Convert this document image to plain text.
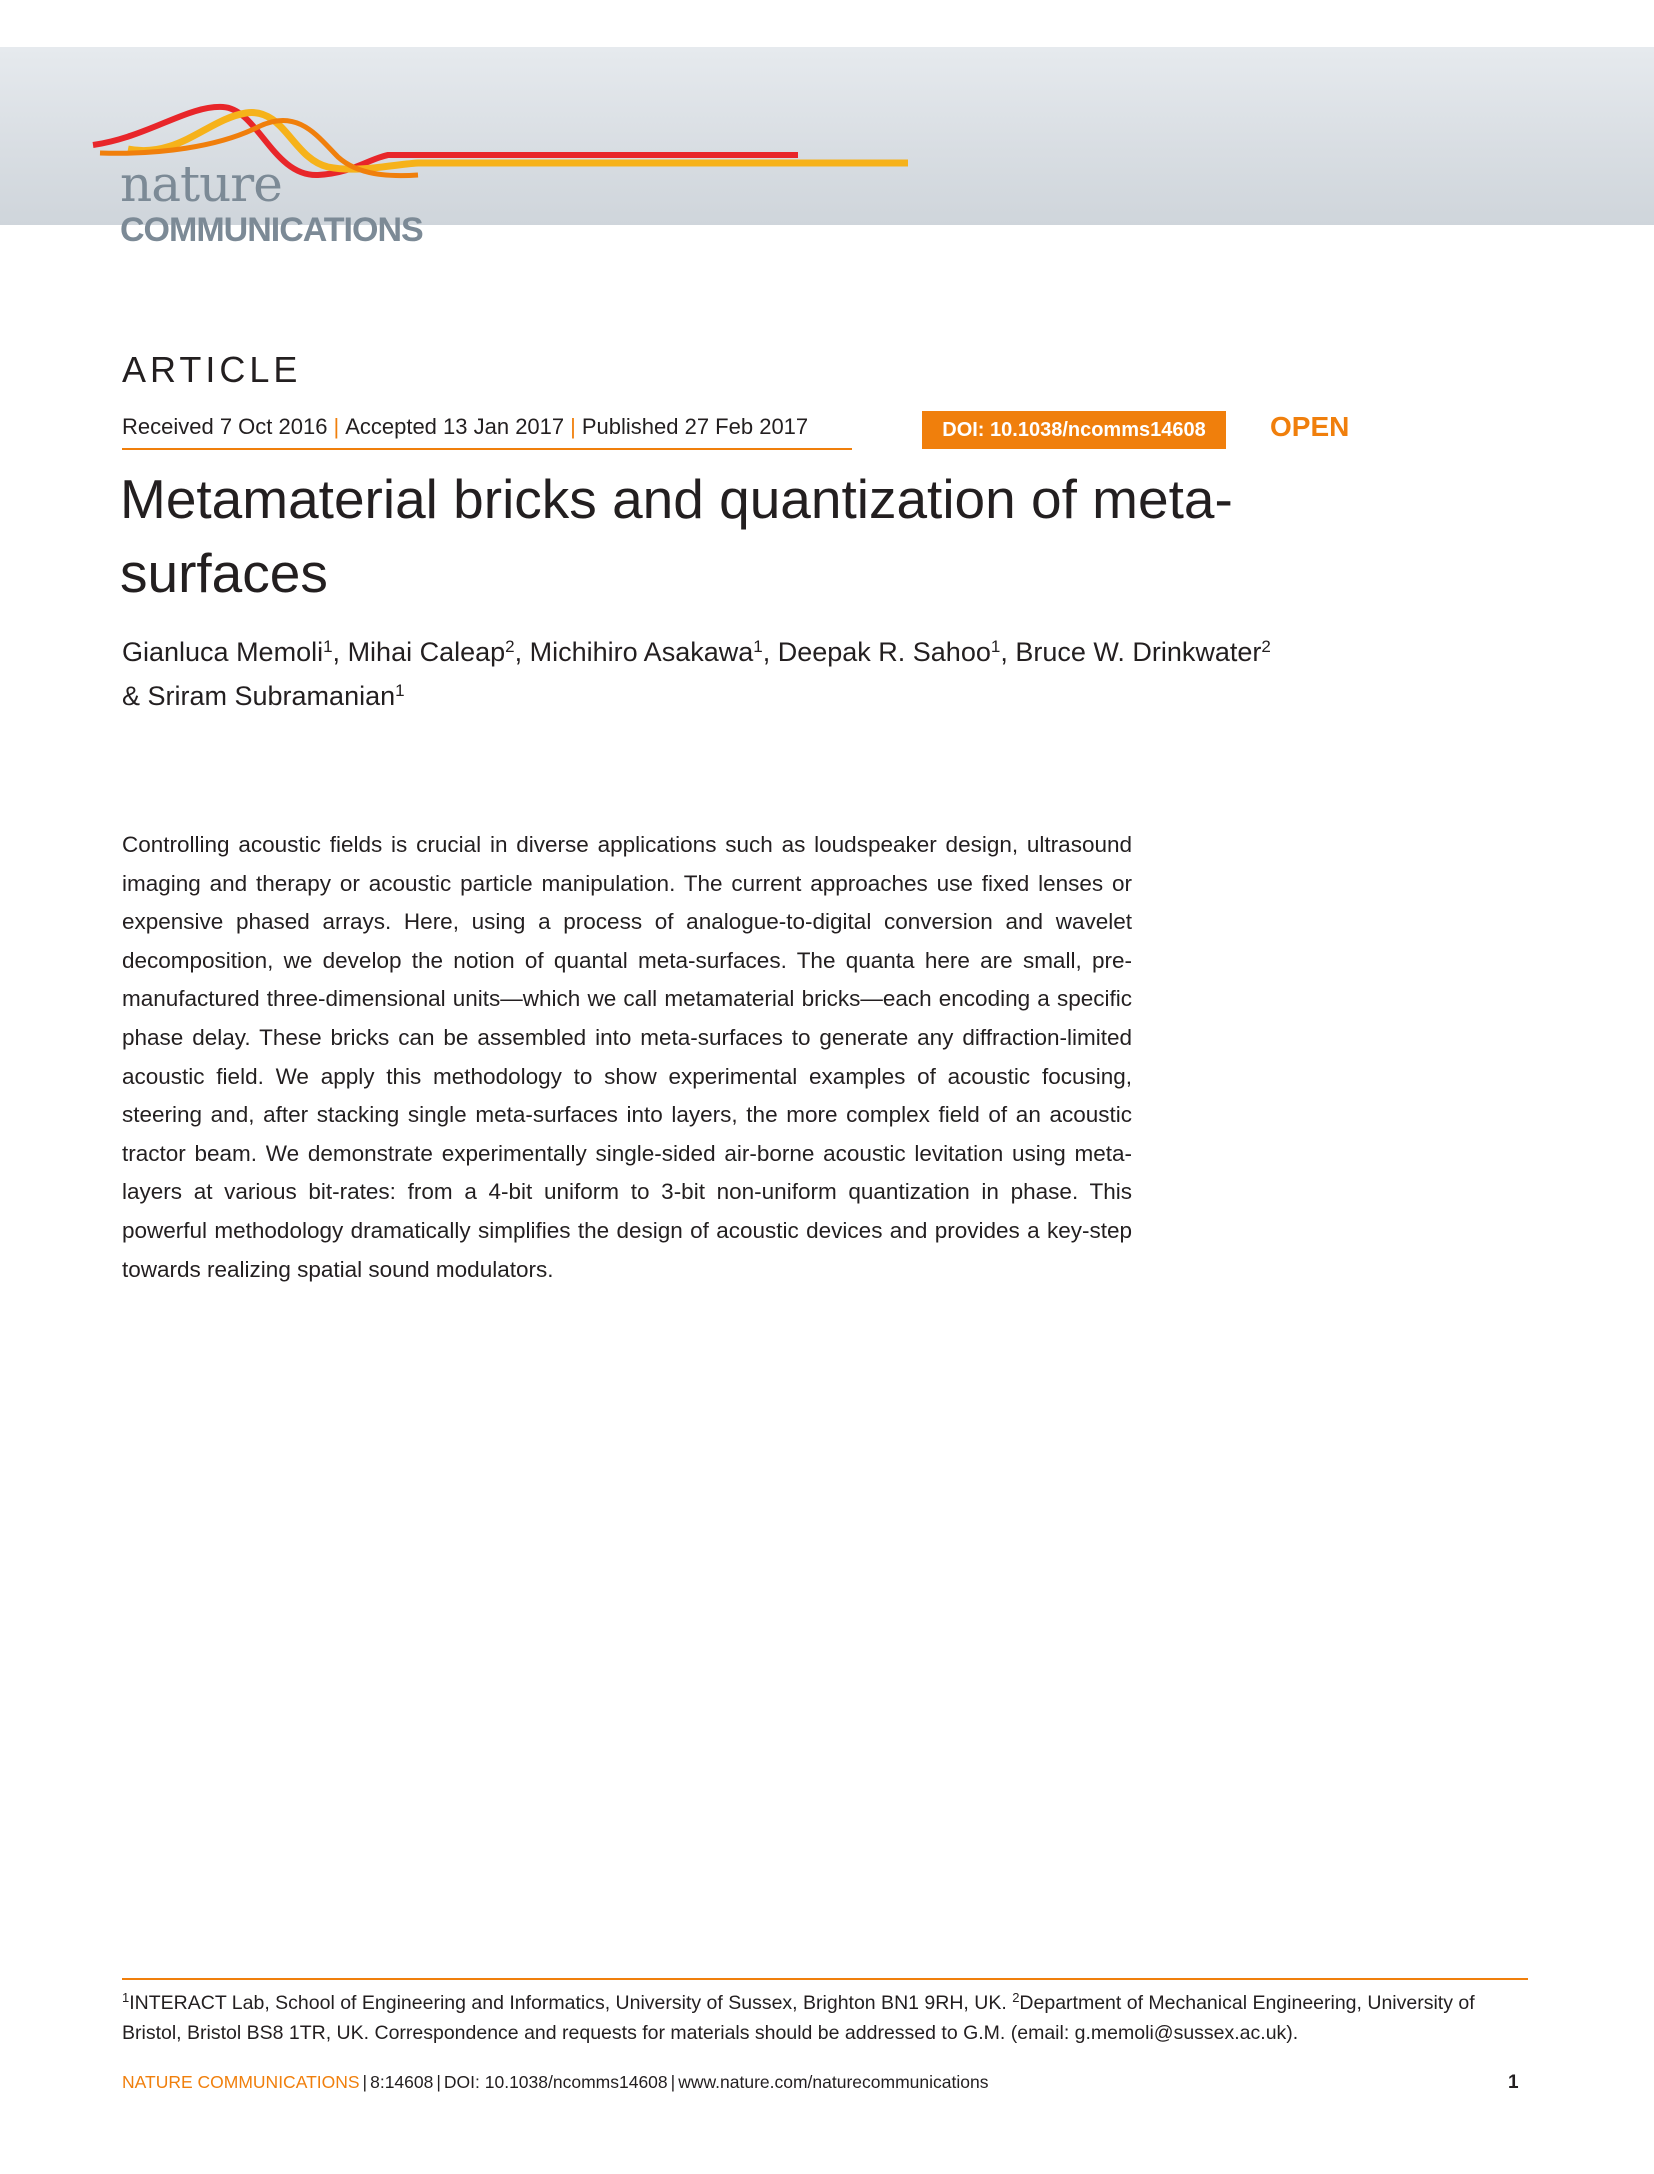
nature
COMMUNICATIONS
ARTICLE
Received 7 Oct 2016 | Accepted 13 Jan 2017 | Published 27 Feb 2017	DOI: 10.1038/ncomms14608	OPEN
Metamaterial bricks and quantization of meta-surfaces
Gianluca Memoli$^1$, Mihai Caleap$^2$, Michihiro Asakawa$^1$, Deepak R. Sahoo$^1$, Bruce W. Drinkwater$^2$
& Sriram Subramanian$^1$

Controlling acoustic fields is crucial in diverse applications such as loudspeaker design, ultrasound imaging and therapy or acoustic particle manipulation. The current approaches use fixed lenses or expensive phased arrays. Here, using a process of analogue-to-digital conversion and wavelet decomposition, we develop the notion of quantal meta-surfaces. The quanta here are small, pre-manufactured three-dimensional units—which we call metamaterial bricks—each encoding a specific phase delay. These bricks can be assembled into meta-surfaces to generate any diffraction-limited acoustic field. We apply this methodology to show experimental examples of acoustic focusing, steering and, after stacking single meta-surfaces into layers, the more complex field of an acoustic tractor beam. We demonstrate experimentally single-sided air-borne acoustic levitation using meta-layers at various bit-rates: from a 4-bit uniform to 3-bit non-uniform quantization in phase. This powerful methodology dramatically simplifies the design of acoustic devices and provides a key-step towards realizing spatial sound modulators.

$^1$INTERACT Lab, School of Engineering and Informatics, University of Sussex, Brighton BN1 9RH, UK. $^2$Department of Mechanical Engineering, University of Bristol, Bristol BS8 1TR, UK. Correspondence and requests for materials should be addressed to G.M. (email: g.memoli@sussex.ac.uk).

NATURE COMMUNICATIONS | 8:14608 | DOI: 10.1038/ncomms14608 | www.nature.com/naturecommunications	1
